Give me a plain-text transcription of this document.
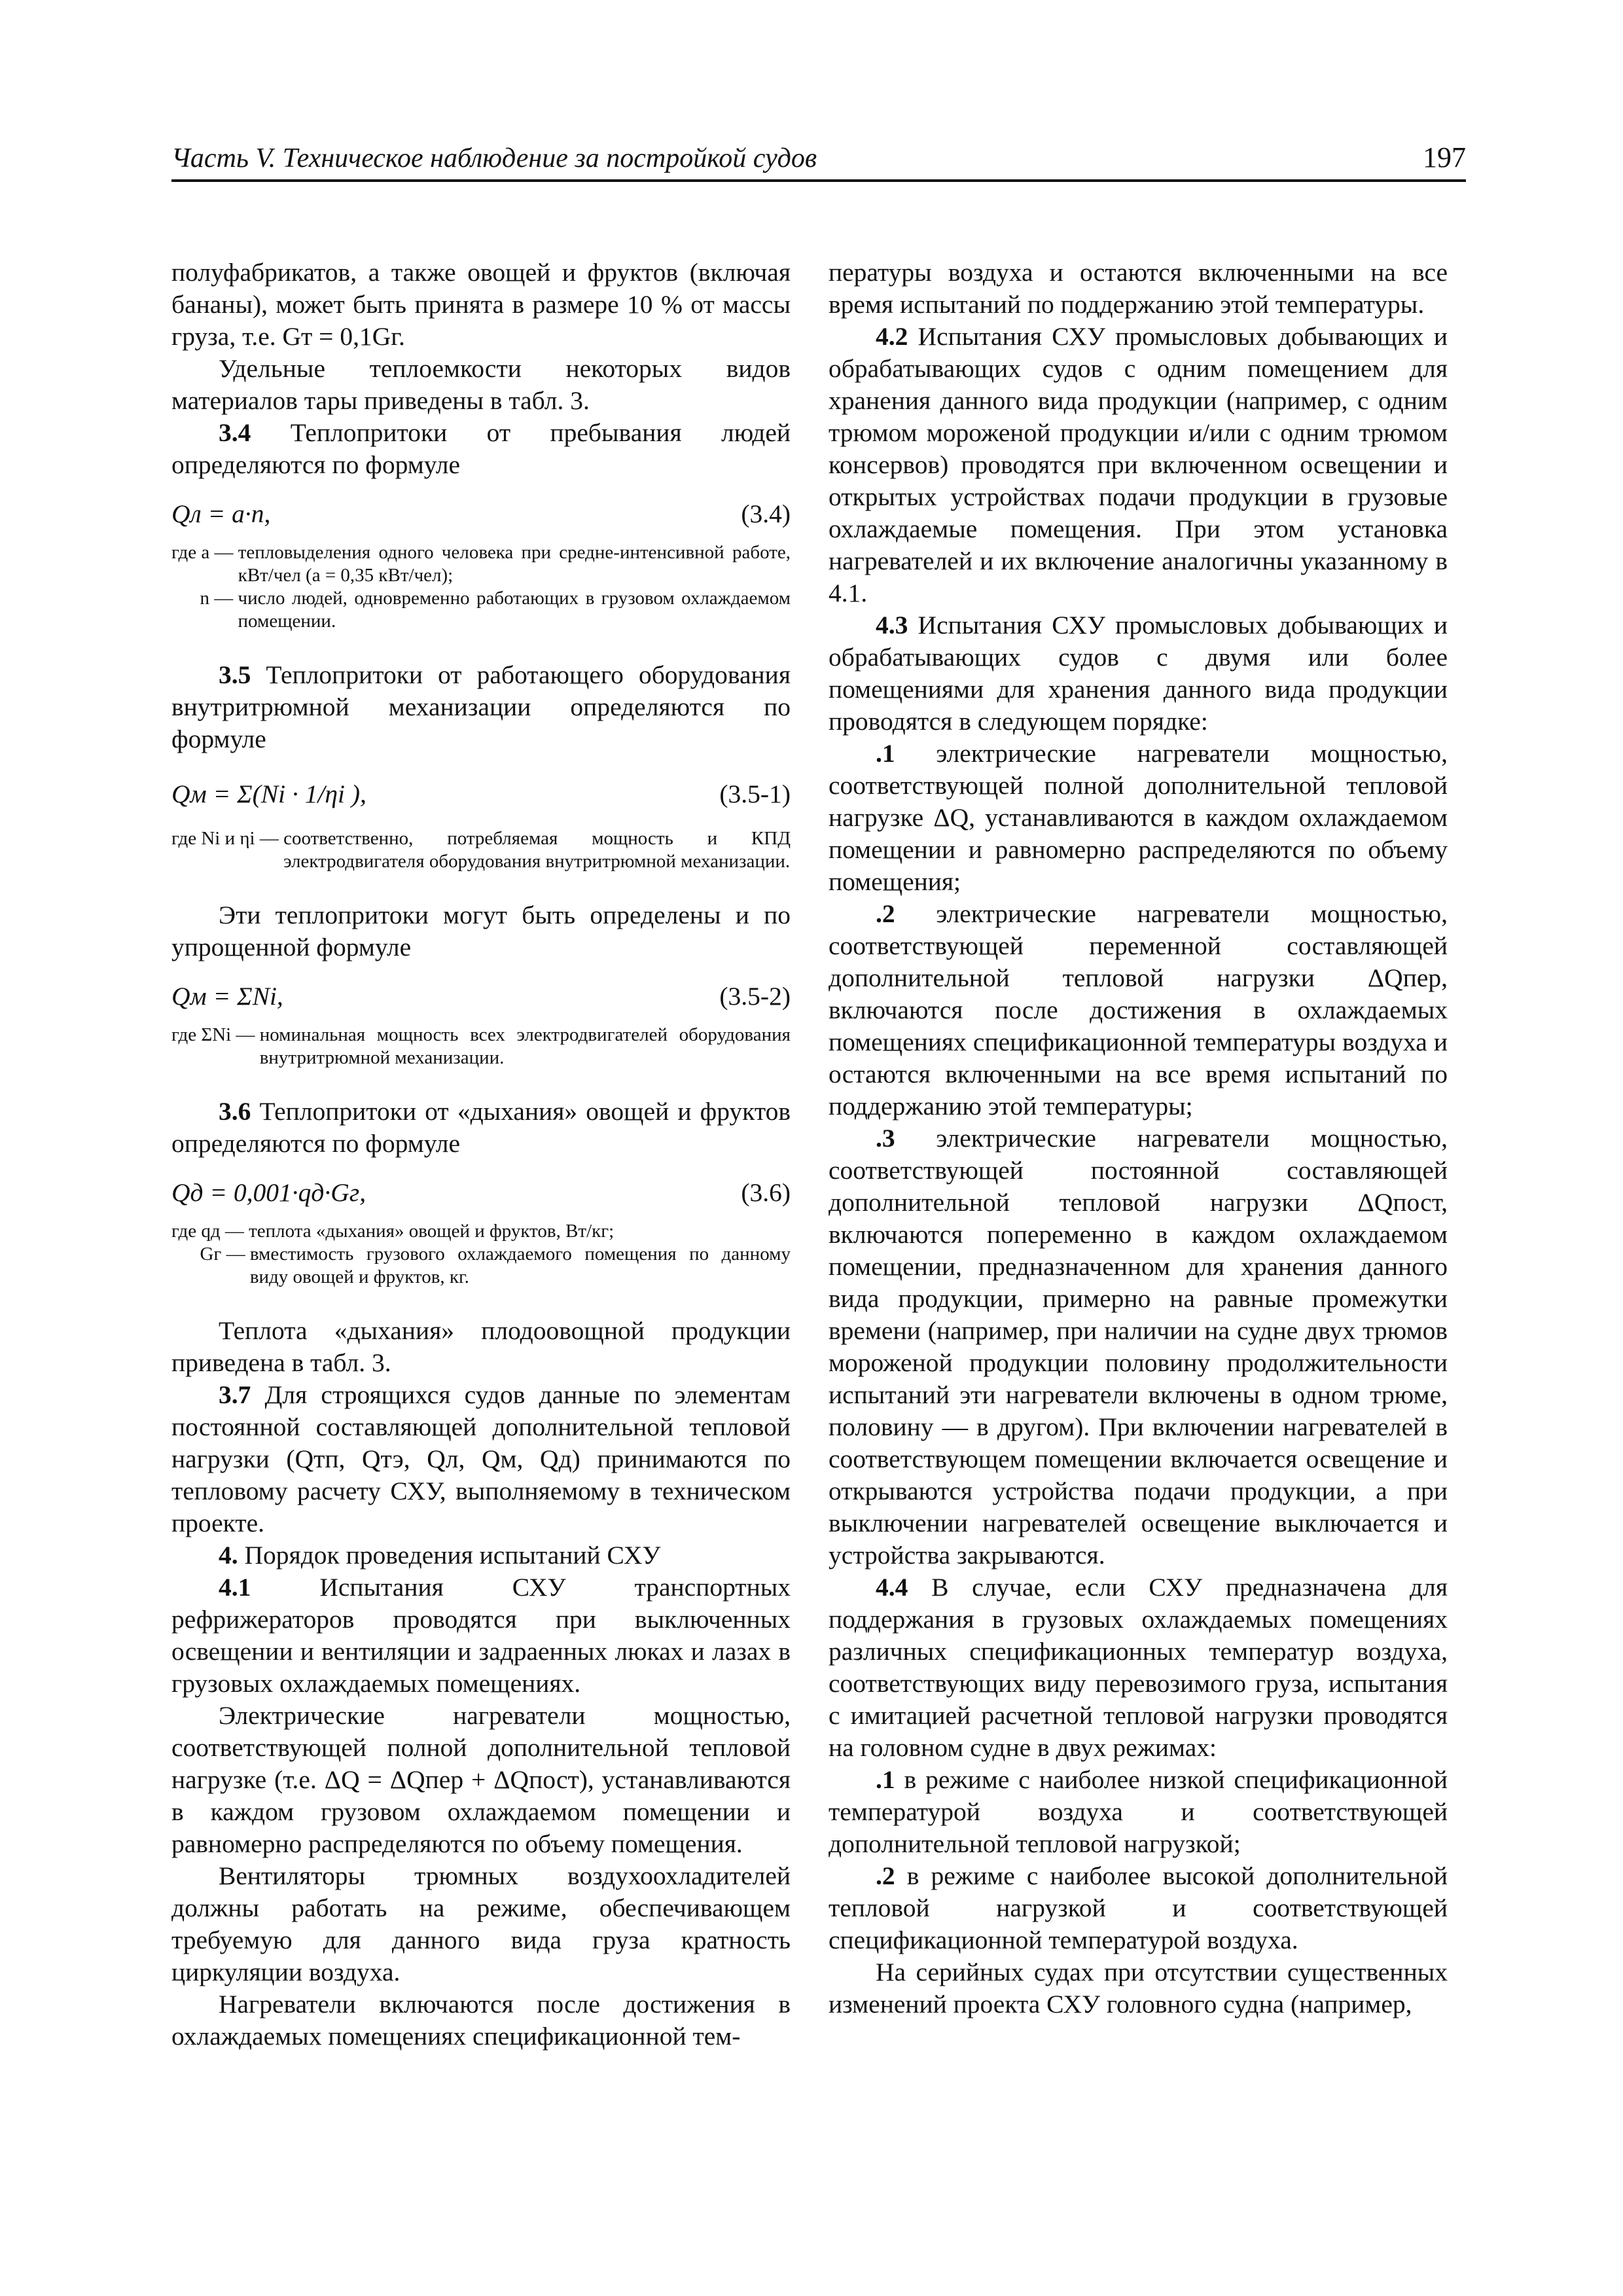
Часть V. Техническое наблюдение за постройкой судов	197

полуфабрикатов, а также овощей и фруктов (включая бананы), может быть принята в размере 10 % от массы груза, т.е. Gт = 0,1Gг.

Удельные теплоемкости некоторых видов материалов тары приведены в табл. 3.

3.4 Теплопритоки от пребывания людей определяются по формуле

Qл = a·n,	(3.4)
где a — тепловыделения одного человека при средне-интенсивной работе, кВт/чел (a = 0,35 кВт/чел);
n — число людей, одновременно работающих в грузовом охлаждаемом помещении.

3.5 Теплопритоки от работающего оборудования внутритрюмной механизации определяются по формуле

Qм = Σ(Ni · 1/ηi ),	(3.5-1)
где Ni и ηi — соответственно, потребляемая мощность и КПД электродвигателя оборудования внутритрюмной механизации.

Эти теплопритоки могут быть определены и по упрощенной формуле

Qм = ΣNi,	(3.5-2)
где ΣNi — номинальная мощность всех электродвигателей оборудования внутритрюмной механизации.

3.6 Теплопритоки от «дыхания» овощей и фруктов определяются по формуле

Qд = 0,001·qд·Gг,	(3.6)
где qд — теплота «дыхания» овощей и фруктов, Вт/кг;
Gг — вместимость грузового охлаждаемого помещения по данному виду овощей и фруктов, кг.

Теплота «дыхания» плодоовощной продукции приведена в табл. 3.

3.7 Для строящихся судов данные по элементам постоянной составляющей дополнительной тепловой нагрузки (Qтп, Qтэ, Qл, Qм, Qд) принимаются по тепловому расчету СХУ, выполняемому в техническом проекте.

4. Порядок проведения испытаний СХУ

4.1 Испытания СХУ транспортных рефрижераторов проводятся при выключенных освещении и вентиляции и задраенных люках и лазах в грузовых охлаждаемых помещениях.

Электрические нагреватели мощностью, соответствующей полной дополнительной тепловой нагрузке (т.е. ΔQ = ΔQпер + ΔQпост), устанавливаются в каждом грузовом охлаждаемом помещении и равномерно распределяются по объему помещения.

Вентиляторы трюмных воздухоохладителей должны работать на режиме, обеспечивающем требуемую для данного вида груза кратность циркуляции воздуха.

Нагреватели включаются после достижения в охлаждаемых помещениях спецификационной тем-

пературы воздуха и остаются включенными на все время испытаний по поддержанию этой температуры.

4.2 Испытания СХУ промысловых добывающих и обрабатывающих судов с одним помещением для хранения данного вида продукции (например, с одним трюмом мороженой продукции и/или с одним трюмом консервов) проводятся при включенном освещении и открытых устройствах подачи продукции в грузовые охлаждаемые помещения. При этом установка нагревателей и их включение аналогичны указанному в 4.1.

4.3 Испытания СХУ промысловых добывающих и обрабатывающих судов с двумя или более помещениями для хранения данного вида продукции проводятся в следующем порядке:

.1 электрические нагреватели мощностью, соответствующей полной дополнительной тепловой нагрузке ΔQ, устанавливаются в каждом охлаждаемом помещении и равномерно распределяются по объему помещения;

.2 электрические нагреватели мощностью, соответствующей переменной составляющей дополнительной тепловой нагрузки ΔQпер, включаются после достижения в охлаждаемых помещениях спецификационной температуры воздуха и остаются включенными на все время испытаний по поддержанию этой температуры;

.3 электрические нагреватели мощностью, соответствующей постоянной составляющей дополнительной тепловой нагрузки ΔQпост, включаются попеременно в каждом охлаждаемом помещении, предназначенном для хранения данного вида продукции, примерно на равные промежутки времени (например, при наличии на судне двух трюмов мороженой продукции половину продолжительности испытаний эти нагреватели включены в одном трюме, половину — в другом). При включении нагревателей в соответствующем помещении включается освещение и открываются устройства подачи продукции, а при выключении нагревателей освещение выключается и устройства закрываются.

4.4 В случае, если СХУ предназначена для поддержания в грузовых охлаждаемых помещениях различных спецификационных температур воздуха, соответствующих виду перевозимого груза, испытания с имитацией расчетной тепловой нагрузки проводятся на головном судне в двух режимах:

.1 в режиме с наиболее низкой спецификационной температурой воздуха и соответствующей дополнительной тепловой нагрузкой;

.2 в режиме с наиболее высокой дополнительной тепловой нагрузкой и соответствующей спецификационной температурой воздуха.

На серийных судах при отсутствии существенных изменений проекта СХУ головного судна (например,
